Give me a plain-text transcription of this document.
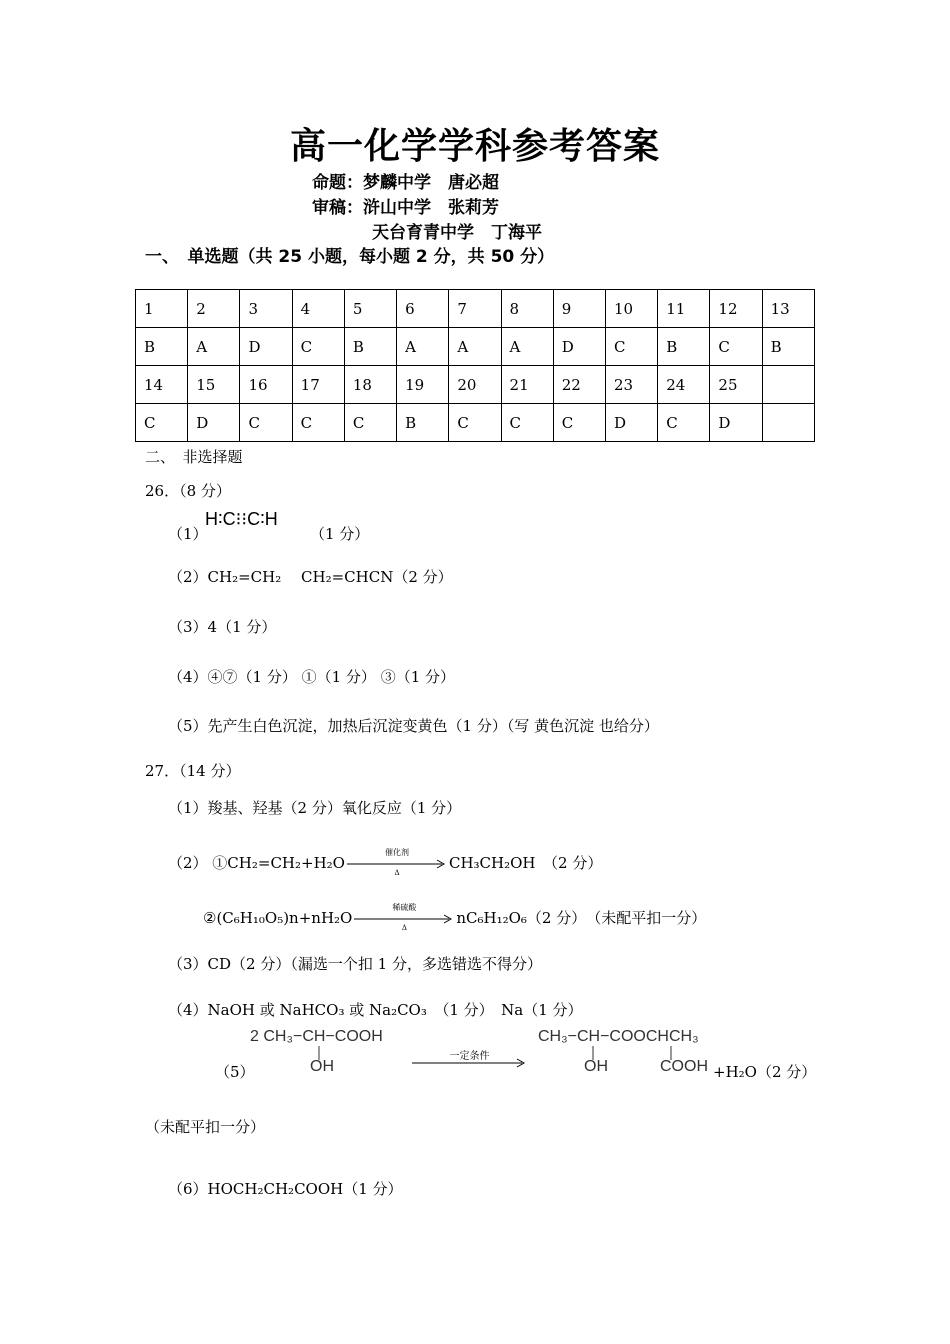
高一化学学科参考答案
命题：梦麟中学　唐必超
审稿：浒山中学　张莉芳
天台育青中学　丁海平
一、　单选题（共 25 小题，每小题 2 分，共 50 分）
1	2	3	4	5	6	7	8	9	10	11	12	13
B	A	D	C	B	A	A	A	D	C	B	C	B
14	15	16	17	18	19	20	21	22	23	24	25	
C	D	C	C	C	B	C	C	C	D	C	D	
二、　非选择题
26．（8 分）
（1）
H∶C⁝⁝C∶H
（1 分）
（2）CH₂=CH₂　 CH₂=CHCN（2 分）
（3）4（1 分）
（4）④⑦（1 分） ①（1 分） ③（1 分）
（5）先产生白色沉淀，加热后沉淀变黄色（1 分）（写 黄色沉淀 也给分）
27．（14 分）
（1）羧基、羟基（2 分）氧化反应（1 分）
（2） ①CH₂=CH₂+H₂O
催化剂
Δ
CH₃CH₂OH　（2 分）
②(C₆H₁₀O₅)n+nH₂O
稀硫酸
Δ
nC₆H₁₂O₆（2 分）　（未配平扣一分）
（3）CD（2 分）（漏选一个扣 1 分，多选错选不得分）
（4）NaOH 或 NaHCO₃ 或 Na₂CO₃　（1 分）　Na（1 分）
（5）
2 CH₃−CH−COOH
OH
一定条件
CH₃−CH−COOCHCH₃
OH	COOH +H₂O（2 分）
（未配平扣一分）
（6）HOCH₂CH₂COOH（1 分）
